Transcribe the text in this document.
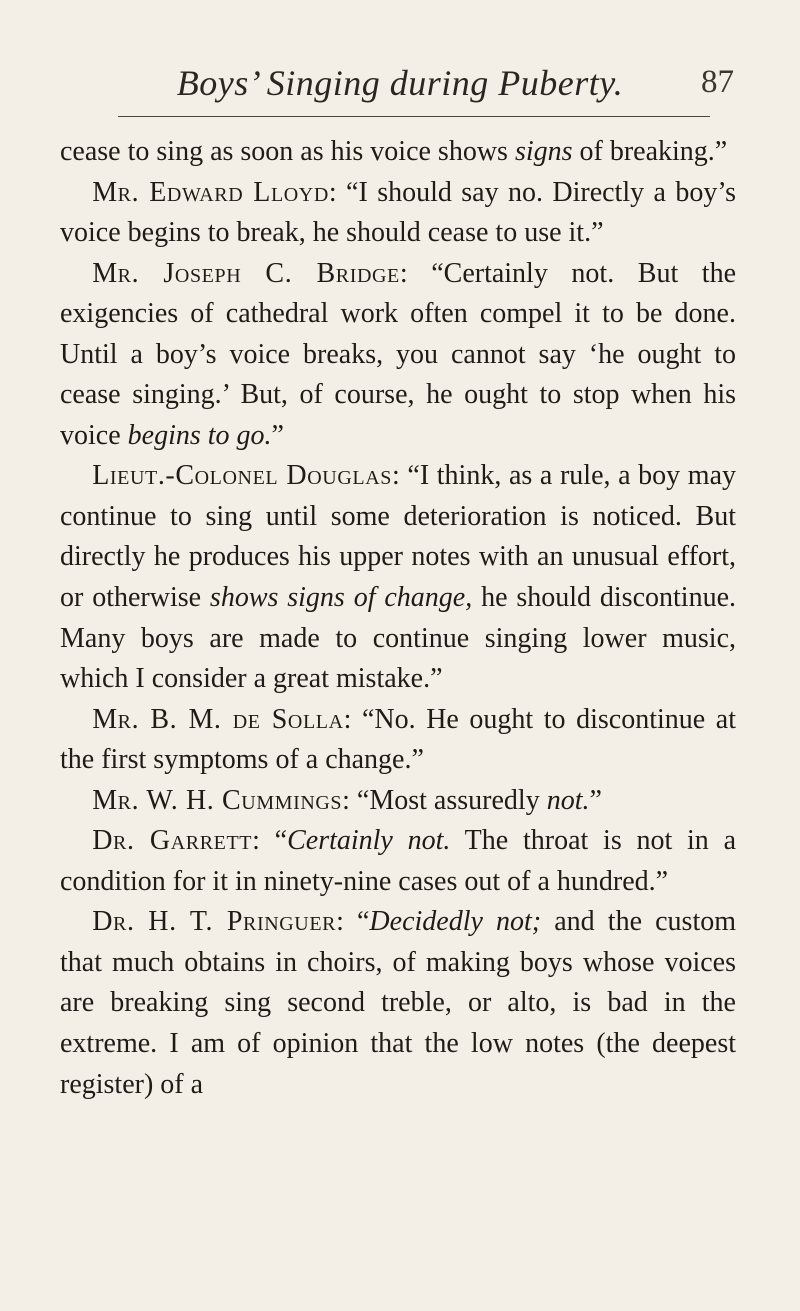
Boys’ Singing during Puberty.	87

cease to sing as soon as his voice shows signs of breaking.”

Mr. Edward Lloyd: “I should say no. Directly a boy’s voice begins to break, he should cease to use it.”

Mr. Joseph C. Bridge: “Certainly not. But the exigencies of cathedral work often compel it to be done. Until a boy’s voice breaks, you cannot say ‘he ought to cease singing.’ But, of course, he ought to stop when his voice begins to go.”

Lieut.-Colonel Douglas: “I think, as a rule, a boy may continue to sing until some deterioration is noticed. But directly he produces his upper notes with an unusual effort, or otherwise shows signs of change, he should discontinue. Many boys are made to continue singing lower music, which I consider a great mistake.”

Mr. B. M. de Solla: “No. He ought to discontinue at the first symptoms of a change.”

Mr. W. H. Cummings: “Most assuredly not.”

Dr. Garrett: “Certainly not. The throat is not in a condition for it in ninety-nine cases out of a hundred.”

Dr. H. T. Pringuer: “Decidedly not; and the custom that much obtains in choirs, of making boys whose voices are breaking sing second treble, or alto, is bad in the extreme. I am of opinion that the low notes (the deepest register) of a
